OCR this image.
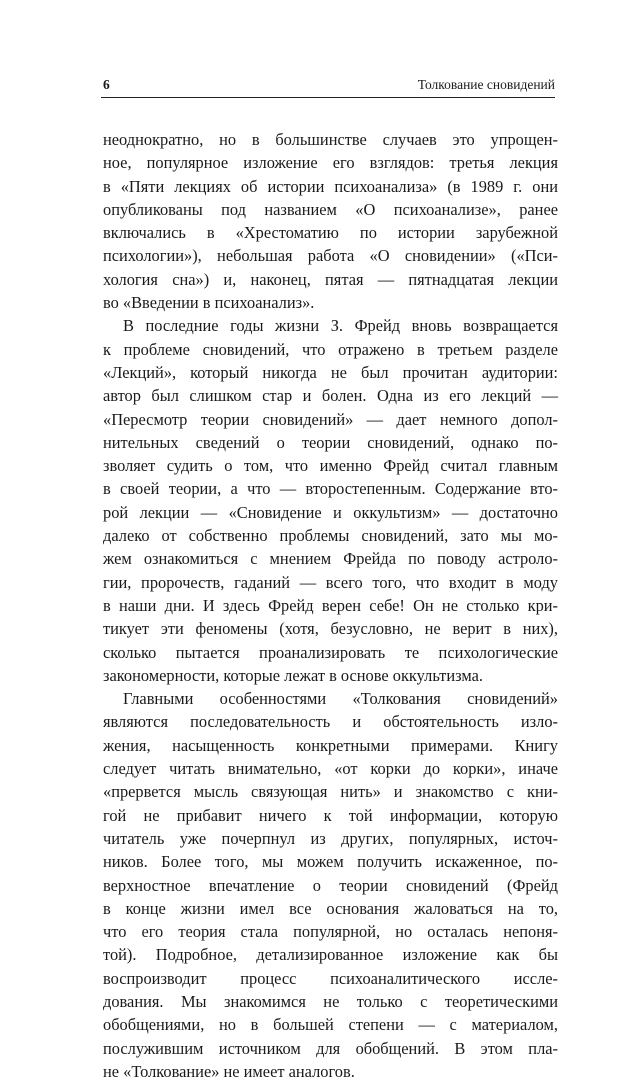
6	Толкование сновидений
неоднократно, но в большинстве случаев это упрощен-
ное, популярное изложение его взглядов: третья лекция
в «Пяти лекциях об истории психоанализа» (в 1989 г. они
опубликованы под названием «О психоанализе», ранее
включались в «Хрестоматию по истории зарубежной
психологии»), небольшая работа «О сновидении» («Пси-
хология сна») и, наконец, пятая — пятнадцатая лекции
во «Введении в психоанализ».
В последние годы жизни З. Фрейд вновь возвращается
к проблеме сновидений, что отражено в третьем разделе
«Лекций», который никогда не был прочитан аудитории:
автор был слишком стар и болен. Одна из его лекций —
«Пересмотр теории сновидений» — дает немного допол-
нительных сведений о теории сновидений, однако по-
зволяет судить о том, что именно Фрейд считал главным
в своей теории, а что — второстепенным. Содержание вто-
рой лекции — «Сновидение и оккультизм» — достаточно
далеко от собственно проблемы сновидений, зато мы мо-
жем ознакомиться с мнением Фрейда по поводу астроло-
гии, пророчеств, гаданий — всего того, что входит в моду
в наши дни. И здесь Фрейд верен себе! Он не столько кри-
тикует эти феномены (хотя, безусловно, не верит в них),
сколько пытается проанализировать те психологические
закономерности, которые лежат в основе оккультизма.
Главными особенностями «Толкования сновидений»
являются последовательность и обстоятельность изло-
жения, насыщенность конкретными примерами. Книгу
следует читать внимательно, «от корки до корки», иначе
«прервется мысль связующая нить» и знакомство с кни-
гой не прибавит ничего к той информации, которую
читатель уже почерпнул из других, популярных, источ-
ников. Более того, мы можем получить искаженное, по-
верхностное впечатление о теории сновидений (Фрейд
в конце жизни имел все основания жаловаться на то,
что его теория стала популярной, но осталась непоня-
той). Подробное, детализированное изложение как бы
воспроизводит процесс психоаналитического иссле-
дования. Мы знакомимся не только с теоретическими
обобщениями, но в большей степени — с материалом,
послужившим источником для обобщений. В этом пла-
не «Толкование» не имеет аналогов.
